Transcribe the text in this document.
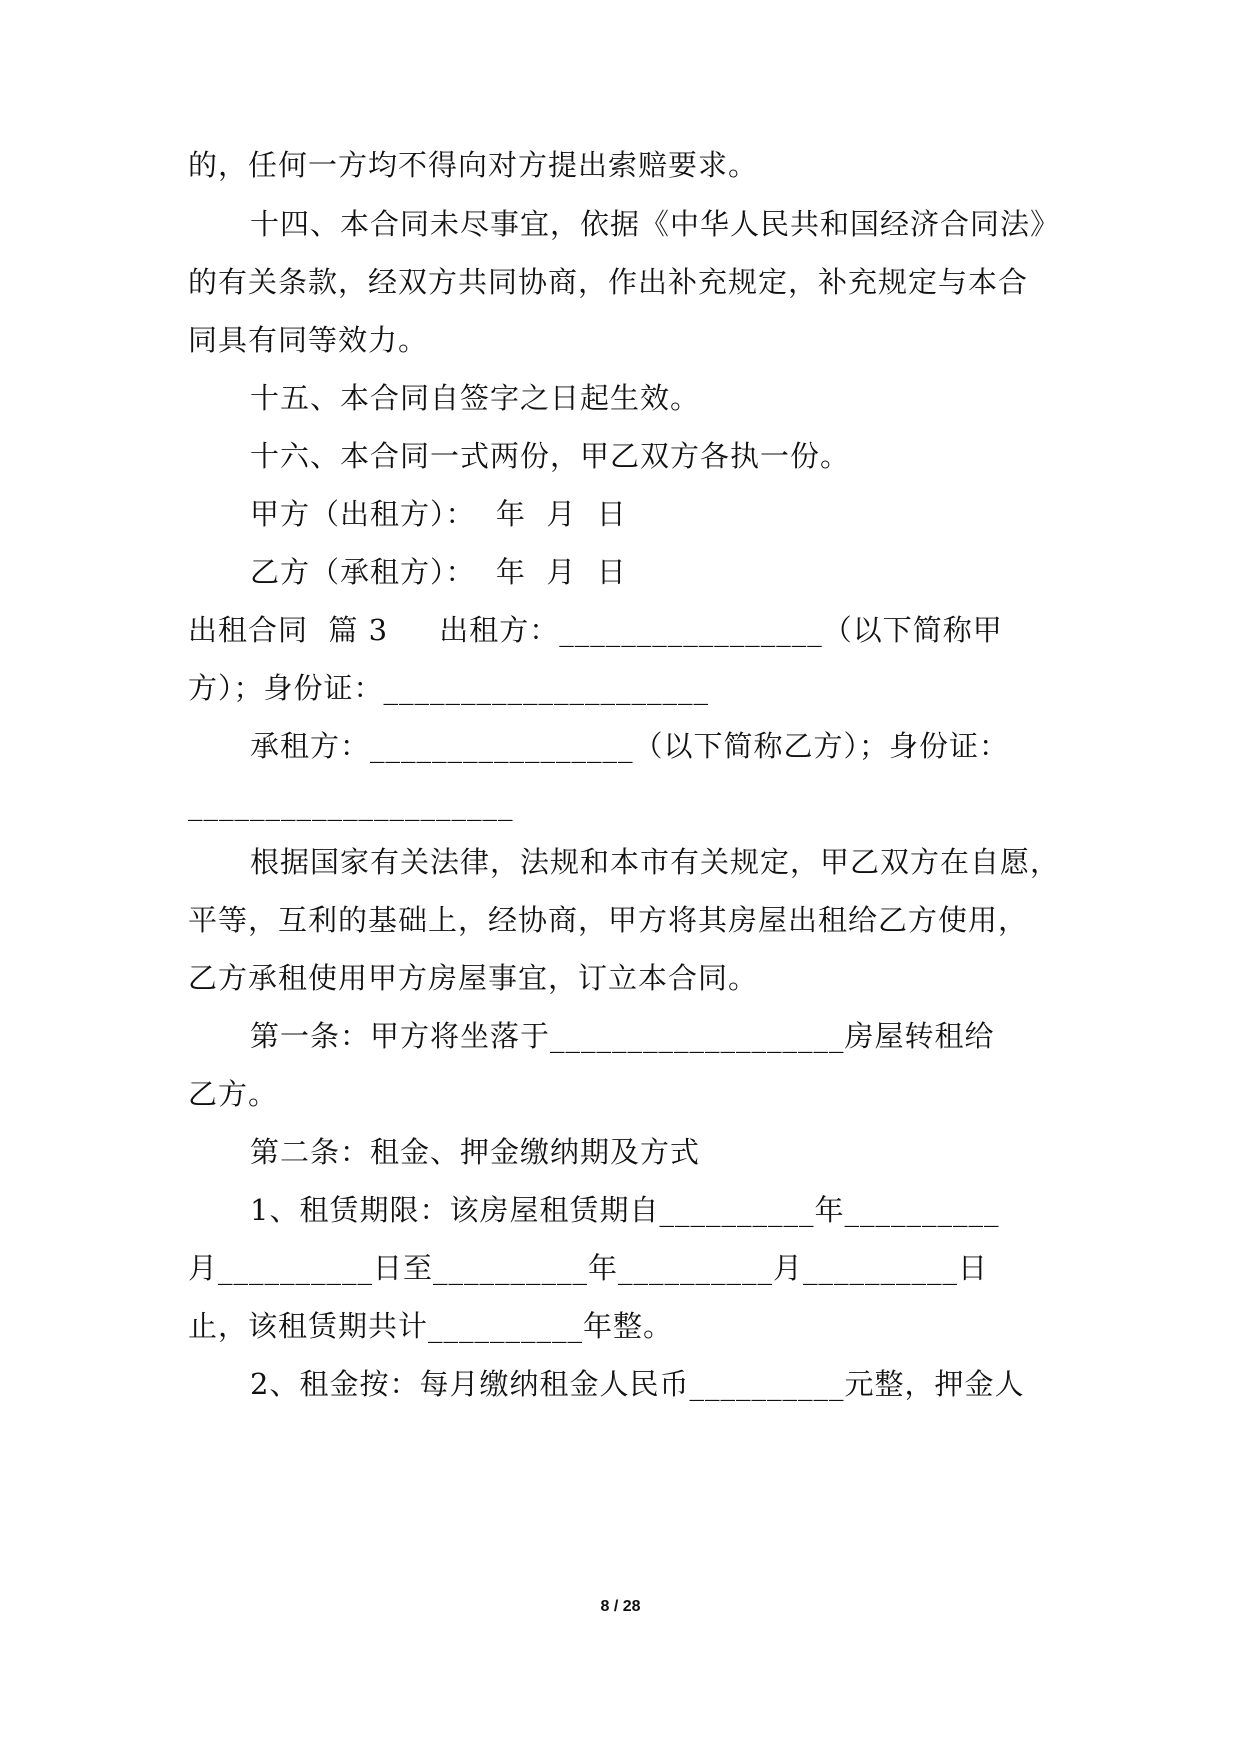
的，任何一方均不得向对方提出索赔要求。
十四、本合同未尽事宜，依据《中华人民共和国经济合同法》
的有关条款，经双方共同协商，作出补充规定，补充规定与本合
同具有同等效力。
十五、本合同自签字之日起生效。
十六、本合同一式两份，甲乙双方各执一份。
甲方（出租方）：  年  月  日
乙方（承租方）：  年  月  日
出租合同  篇 3     出租方：_________________（以下简称甲
方）；身份证：_____________________
承租方：_________________（以下简称乙方）；身份证：
_____________________
根据国家有关法律，法规和本市有关规定，甲乙双方在自愿，
平等，互利的基础上，经协商，甲方将其房屋出租给乙方使用，
乙方承租使用甲方房屋事宜，订立本合同。
第一条：甲方将坐落于___________________房屋转租给
乙方。
第二条：租金、押金缴纳期及方式
1、租赁期限：该房屋租赁期自__________年__________
月__________日至__________年__________月__________日
止，该租赁期共计__________年整。
2、租金按：每月缴纳租金人民币__________元整，押金人
8 / 28
